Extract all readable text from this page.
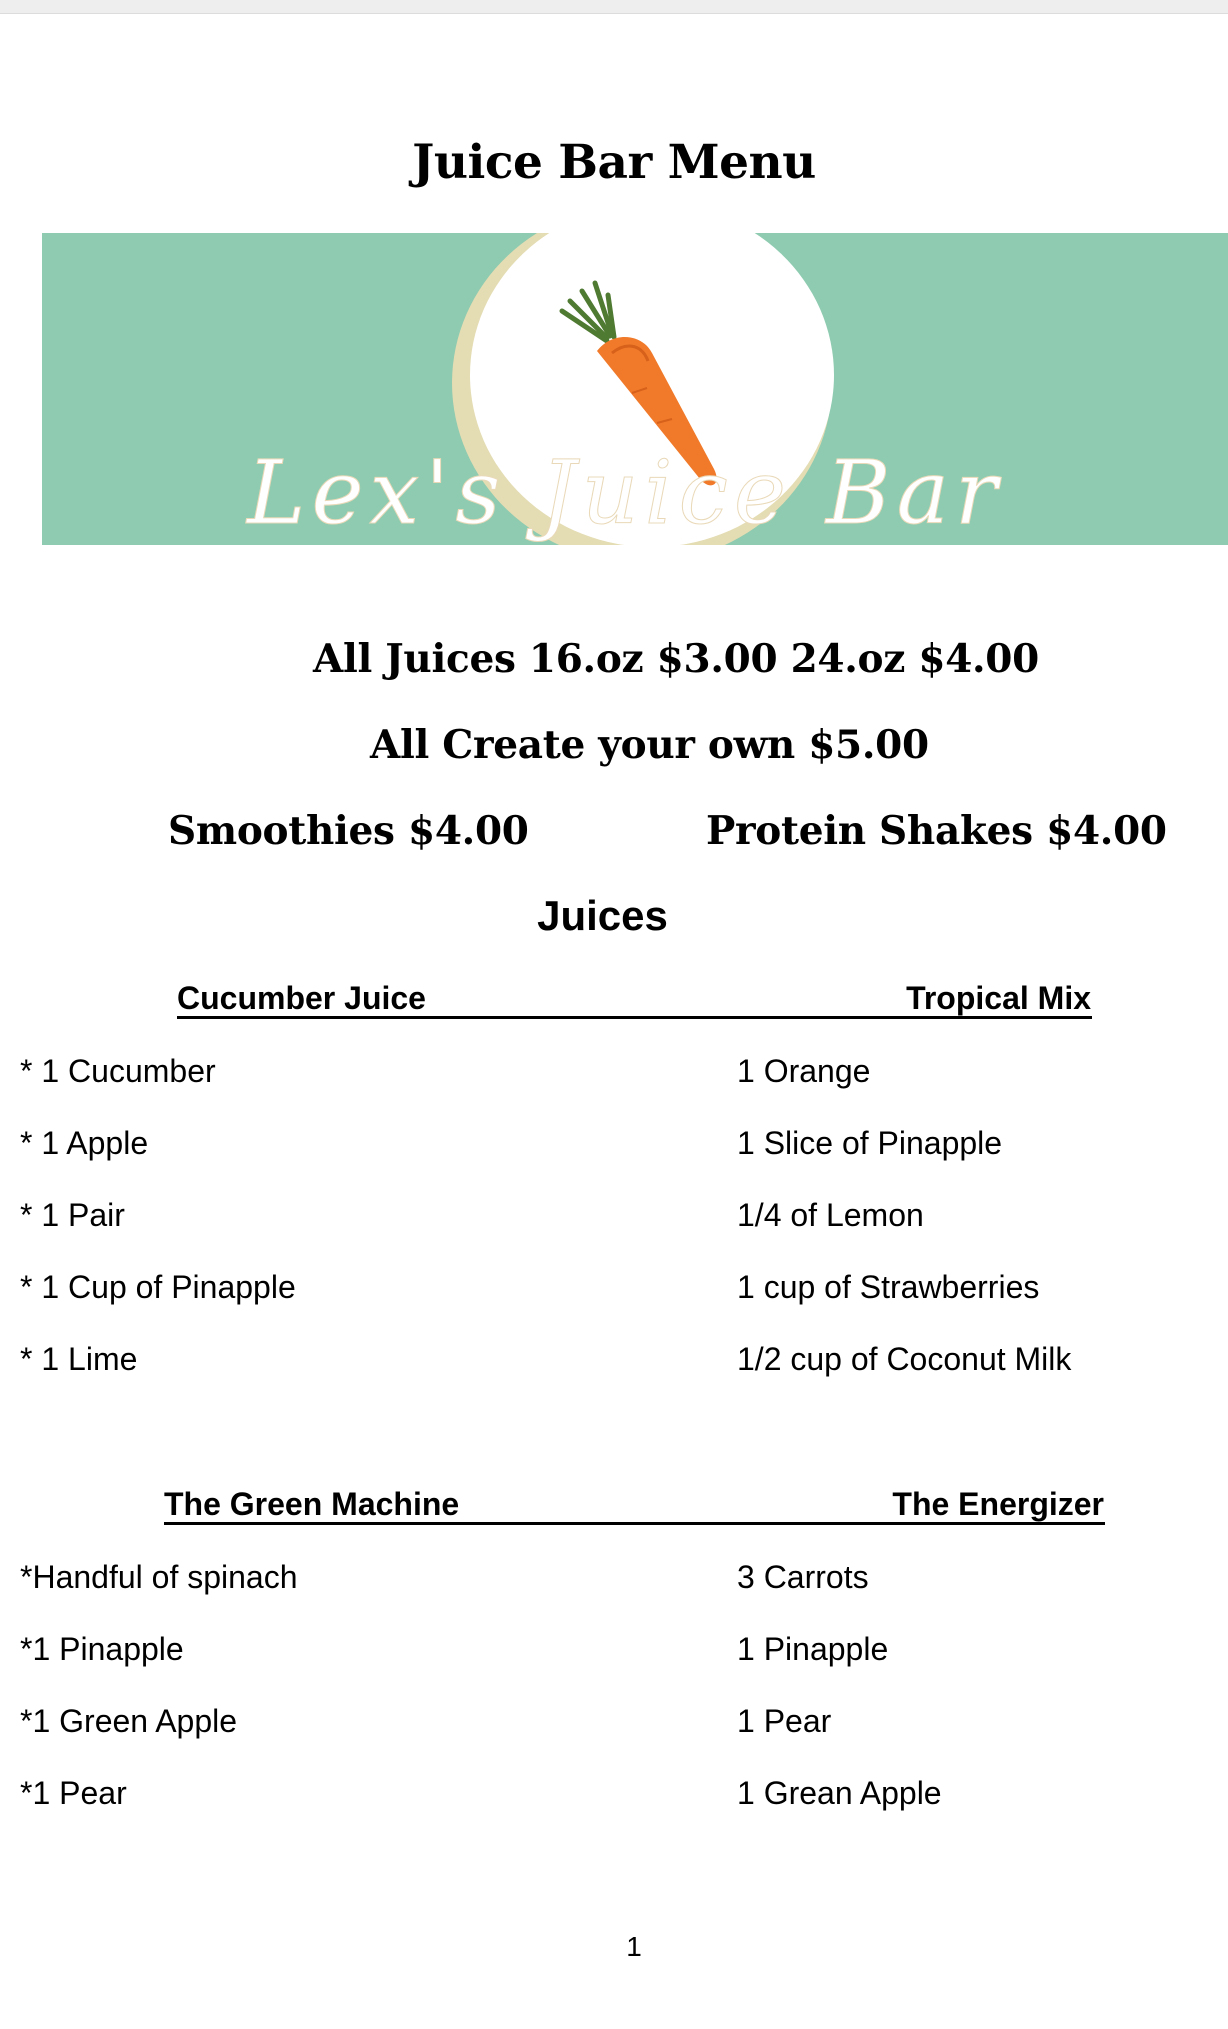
Juice Bar Menu
Lex's Juice Bar
All Juices 16.oz $3.00 24.oz $4.00
All Create your own $5.00
Smoothies $4.00	Protein Shakes $4.00
Juices
Cucumber Juice	Tropical Mix
* 1 Cucumber
* 1 Apple
* 1 Pair
* 1 Cup of Pinapple
* 1 Lime
1 Orange
1 Slice of Pinapple
1/4 of Lemon
1 cup of Strawberries
1/2 cup of Coconut Milk
The Green Machine	The Energizer
*Handful of spinach
*1 Pinapple
*1 Green Apple
*1 Pear
3 Carrots
1 Pinapple
1 Pear
1 Grean Apple
1
